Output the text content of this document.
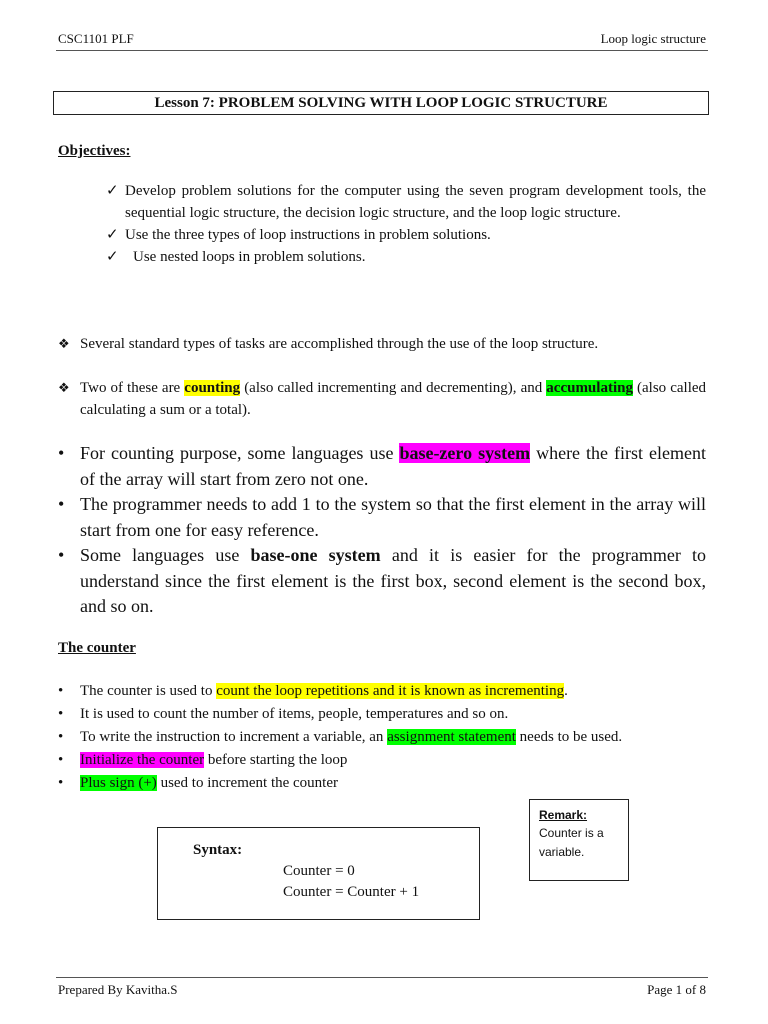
CSC1101 PLF	Loop logic structure
Lesson 7: PROBLEM SOLVING WITH LOOP LOGIC STRUCTURE
Objectives:
✓ Develop problem solutions for the computer using the seven program development tools, the sequential logic structure, the decision logic structure, and the loop logic structure.
✓ Use the three types of loop instructions in problem solutions.
✓ Use nested loops in problem solutions.
❖ Several standard types of tasks are accomplished through the use of the loop structure.
❖ Two of these are counting (also called incrementing and decrementing), and accumulating (also called calculating a sum or a total).
• For counting purpose, some languages use base-zero system where the first element of the array will start from zero not one.
• The programmer needs to add 1 to the system so that the first element in the array will start from one for easy reference.
• Some languages use base-one system and it is easier for the programmer to understand since the first element is the first box, second element is the second box, and so on.
The counter
• The counter is used to count the loop repetitions and it is known as incrementing.
• It is used to count the number of items, people, temperatures and so on.
• To write the instruction to increment a variable, an assignment statement needs to be used.
• Initialize the counter before starting the loop
• Plus sign (+) used to increment the counter
Syntax:
Counter = 0
Counter = Counter + 1
Remark:
Counter is a variable.
Prepared By Kavitha.S	Page 1 of 8
